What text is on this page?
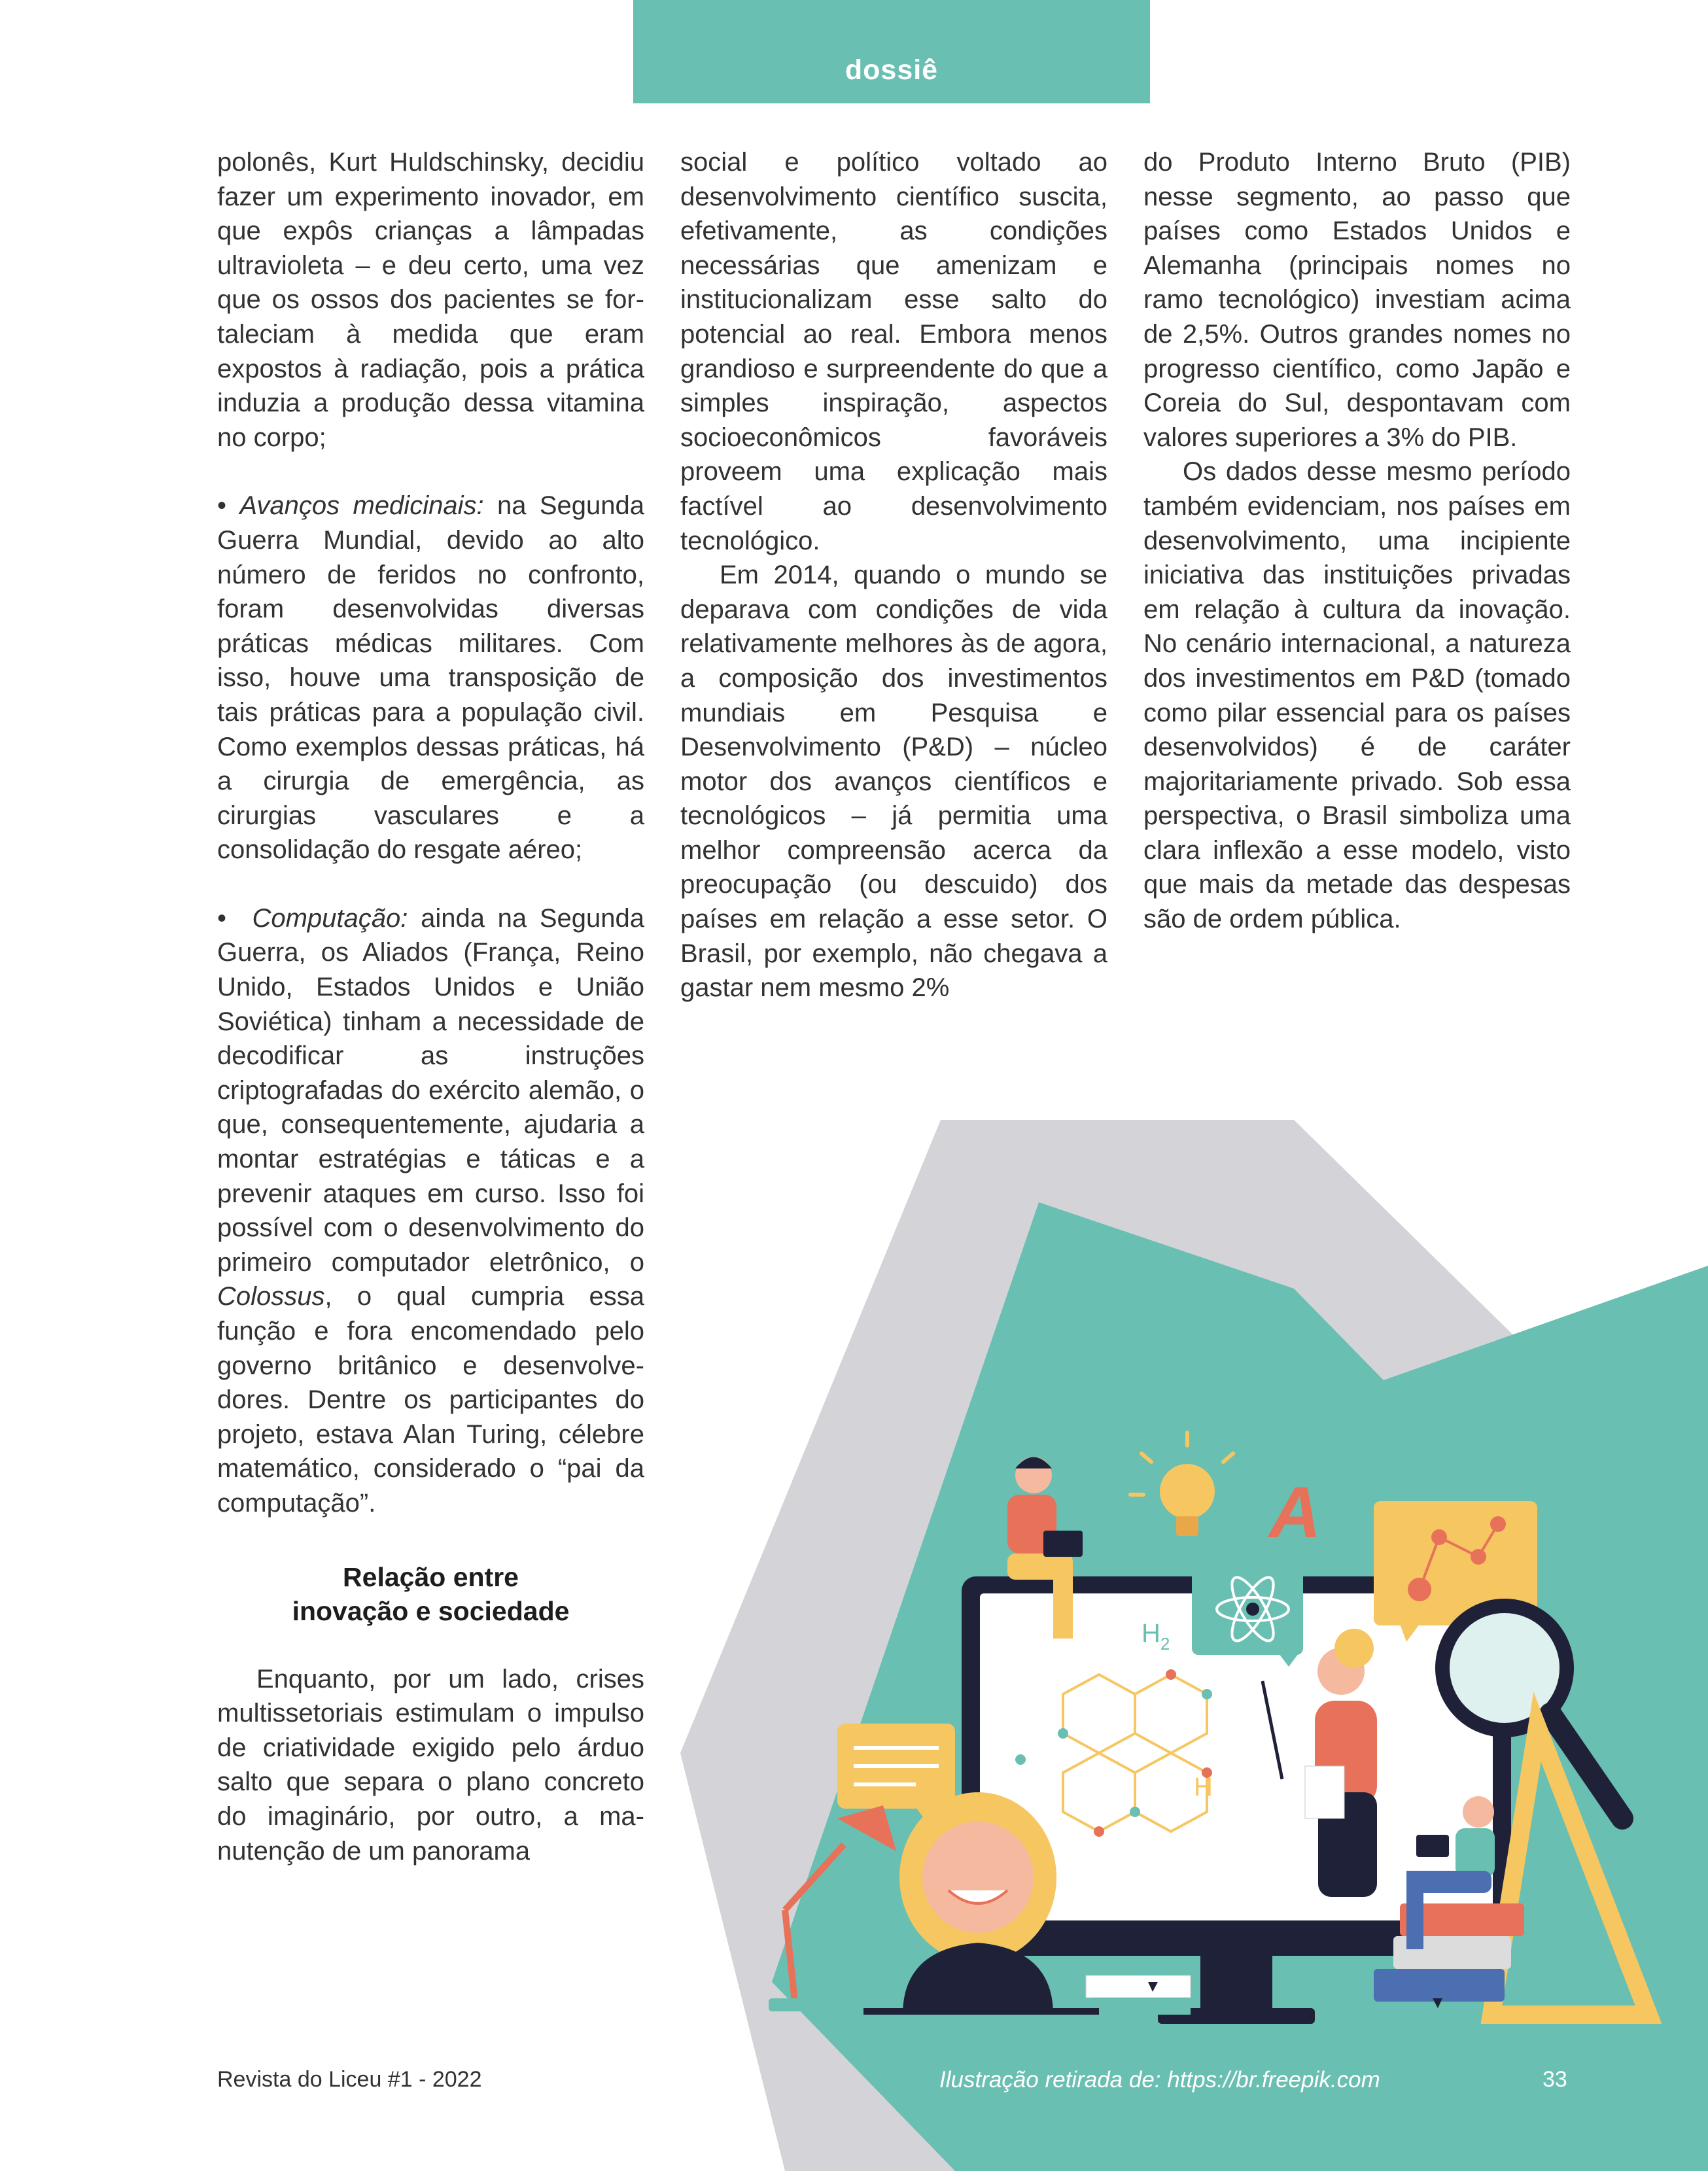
dossiê

polonês, Kurt Huldschinsky, decidiu fazer um experimento inovador, em que expôs crianças a lâmpadas ultravioleta – e deu certo, uma vez que os ossos dos pacientes se fortaleciam à medida que eram expostos à radiação, pois a prática induzia a produção dessa vitamina no corpo;

• Avanços medicinais: na Segunda Guerra Mundial, devido ao alto número de feridos no confronto, foram desenvolvidas diversas práticas médicas militares. Com isso, houve uma transposição de tais práticas para a população civil. Como exemplos dessas práticas, há a cirurgia de emergência, as cirurgias vasculares e a consolidação do resgate aéreo;

•  Computação: ainda na Segunda Guerra, os Aliados (França, Reino Unido, Estados Unidos e União Soviética) tinham a necessidade de decodificar as instruções criptografadas do exército alemão, o que, consequentemente, ajudaria a montar estratégias e táticas e a prevenir ataques em curso. Isso foi possível com o desenvolvimento do primeiro computador eletrônico, o Colossus, o qual cumpria essa função e fora encomendado pelo governo britânico e desenvolvedores. Dentre os participantes do projeto, estava Alan Turing, célebre matemático, considerado o “pai da computação”.

Relação entre

inovação e sociedade

Enquanto, por um lado, crises multissetoriais estimulam o impulso de criatividade exigido pelo árduo salto que separa o plano concreto do imaginário, por outro, a manutenção de um panorama

social e político voltado ao desenvolvimento científico suscita, efetivamente, as condições necessárias que amenizam e institucionalizam esse salto do potencial ao real. Embora menos grandioso e surpreendente do que a simples inspiração, aspectos socioeconômicos favoráveis proveem uma explicação mais factível ao desenvolvimento tecnológico.

Em 2014, quando o mundo se deparava com condições de vida relativamente melhores às de agora, a composição dos investimentos mundiais em Pesquisa e Desenvolvimento (P&D) – núcleo motor dos avanços científicos e tecnológicos – já permitia uma melhor compreensão acerca da preocupação (ou descuido) dos países em relação a esse setor. O Brasil, por exemplo, não chegava a gastar nem mesmo 2%

do Produto Interno Bruto (PIB) nesse segmento, ao passo que países como Estados Unidos e Alemanha (principais nomes no ramo tecnológico) investiam acima de 2,5%. Outros grandes nomes no progresso científico, como Japão e Coreia do Sul, despontavam com valores superiores a 3% do PIB.

Os dados desse mesmo período também evidenciam, nos países em desenvolvimento, uma incipiente iniciativa das instituições privadas em relação à cultura da inovação. No cenário internacional, a natureza dos investimentos em P&D (tomado como pilar essencial para os países desenvolvidos) é de caráter majoritariamente privado. Sob essa perspectiva, o Brasil simboliza uma clara inflexão a esse modelo, visto que mais da metade das despesas são de ordem pública.

$H_2$
H
A
Revista do Liceu #1 - 2022	Ilustração retirada de: https://br.freepik.com	33
